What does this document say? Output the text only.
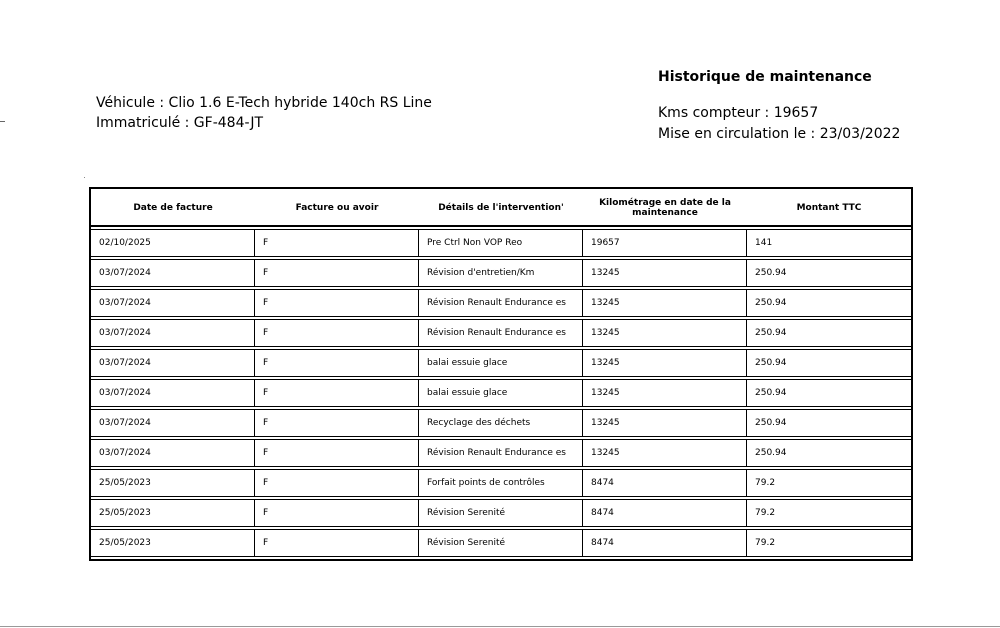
Véhicule : Clio 1.6 E-Tech hybride 140ch RS Line
Immatriculé : GF-484-JT
Historique de maintenance
Kms compteur : 19657
Mise en circulation le : 23/03/2022
Date de facture	Facture ou avoir	Détails de l'intervention'	Kilométrage en date de la maintenance	Montant TTC
02/10/2025	F	Pre Ctrl Non VOP Reo	19657	141
03/07/2024	F	Révision d'entretien/Km	13245	250.94
03/07/2024	F	Révision Renault Endurance es	13245	250.94
03/07/2024	F	Révision Renault Endurance es	13245	250.94
03/07/2024	F	balai essuie glace	13245	250.94
03/07/2024	F	balai essuie glace	13245	250.94
03/07/2024	F	Recyclage des déchets	13245	250.94
03/07/2024	F	Révision Renault Endurance es	13245	250.94
25/05/2023	F	Forfait points de contrôles	8474	79.2
25/05/2023	F	Révision Serenité	8474	79.2
25/05/2023	F	Révision Serenité	8474	79.2
